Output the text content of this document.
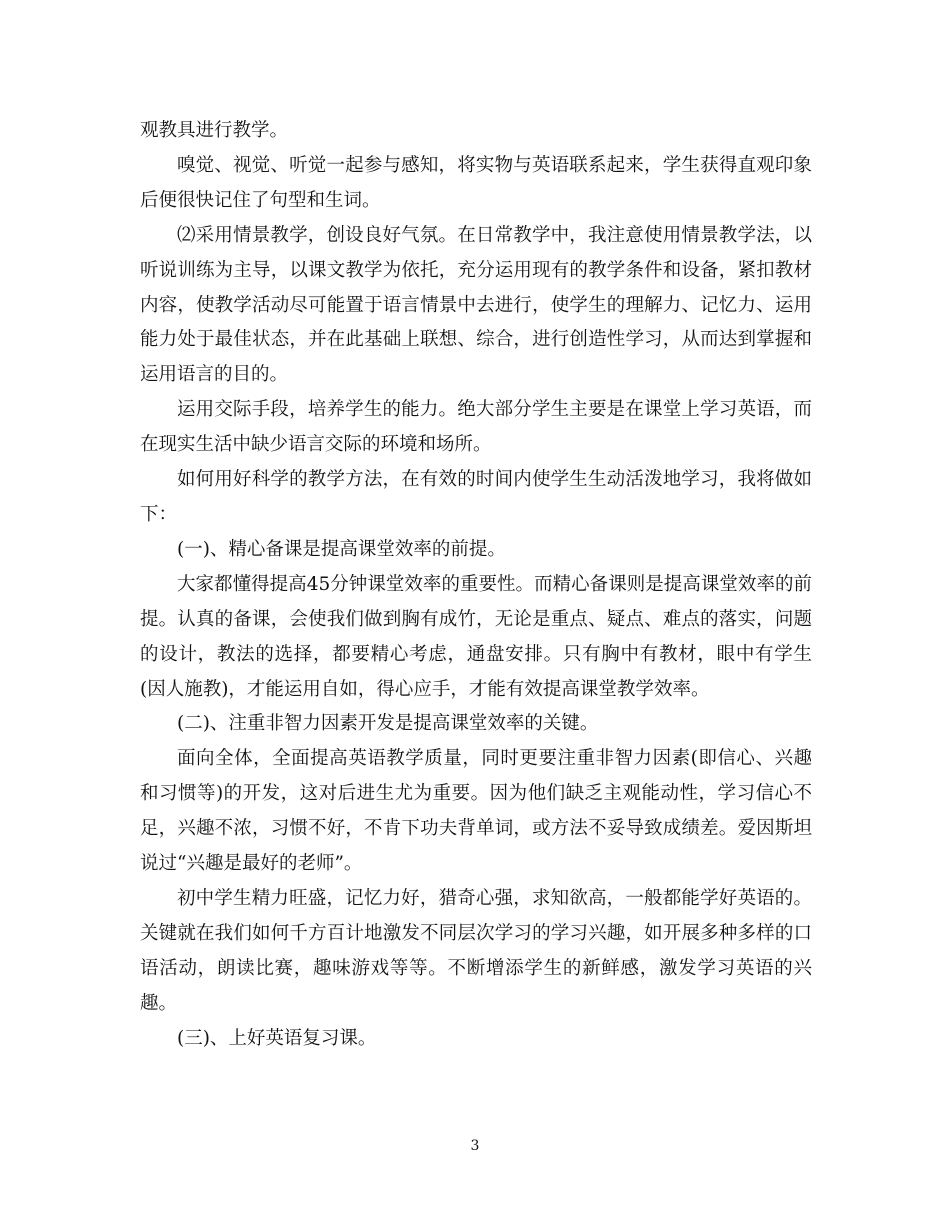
观教具进行教学。

嗅觉、视觉、听觉一起参与感知，将实物与英语联系起来，学生获得直观印象后便很快记住了句型和生词。

⑵采用情景教学，创设良好气氛。在日常教学中，我注意使用情景教学法，以听说训练为主导，以课文教学为依托，充分运用现有的教学条件和设备，紧扣教材内容，使教学活动尽可能置于语言情景中去进行，使学生的理解力、记忆力、运用能力处于最佳状态，并在此基础上联想、综合，进行创造性学习，从而达到掌握和运用语言的目的。

运用交际手段，培养学生的能力。绝大部分学生主要是在课堂上学习英语，而在现实生活中缺少语言交际的环境和场所。

如何用好科学的教学方法，在有效的时间内使学生生动活泼地学习，我将做如下：

(一)、精心备课是提高课堂效率的前提。

大家都懂得提高45分钟课堂效率的重要性。而精心备课则是提高课堂效率的前提。认真的备课，会使我们做到胸有成竹，无论是重点、疑点、难点的落实，问题的设计，教法的选择，都要精心考虑，通盘安排。只有胸中有教材，眼中有学生(因人施教)，才能运用自如，得心应手，才能有效提高课堂教学效率。

(二)、注重非智力因素开发是提高课堂效率的关键。

面向全体，全面提高英语教学质量，同时更要注重非智力因素(即信心、兴趣和习惯等)的开发，这对后进生尤为重要。因为他们缺乏主观能动性，学习信心不足，兴趣不浓，习惯不好，不肯下功夫背单词，或方法不妥导致成绩差。爱因斯坦说过“兴趣是最好的老师”。

初中学生精力旺盛，记忆力好，猎奇心强，求知欲高，一般都能学好英语的。关键就在我们如何千方百计地激发不同层次学习的学习兴趣，如开展多种多样的口语活动，朗读比赛，趣味游戏等等。不断增添学生的新鲜感，激发学习英语的兴趣。

(三)、上好英语复习课。

3
